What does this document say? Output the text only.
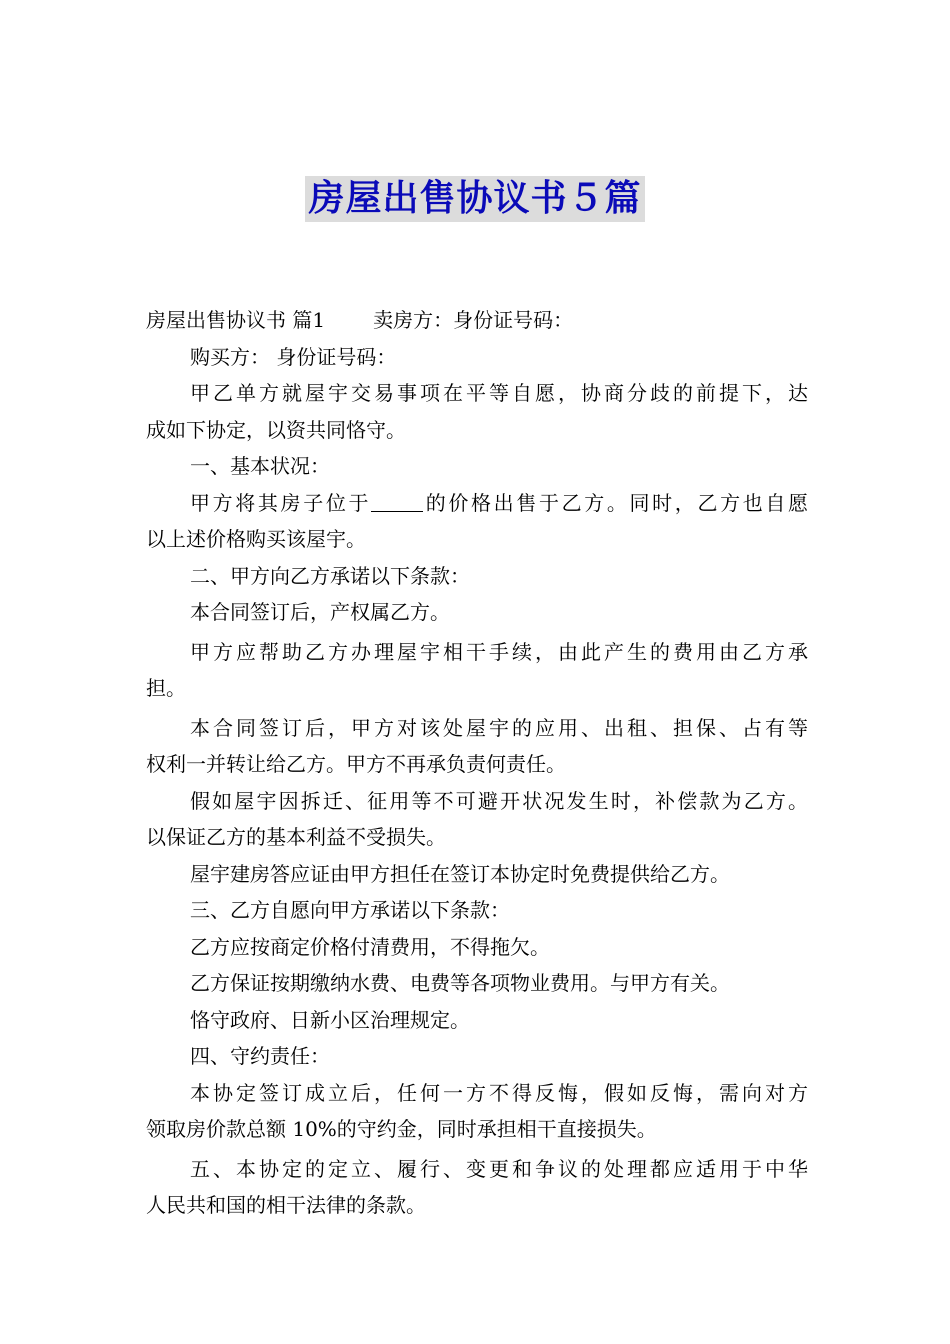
房屋出售协议书５篇
房屋出售协议书 篇1 卖房方：身份证号码：
购买方： 身份证号码：
甲乙单方就屋宇交易事项在平等自愿，协商分歧的前提下，达
成如下协定，以资共同恪守。
一、基本状况：
甲方将其房子位于	的价格出售于乙方。同时，乙方也自愿
以上述价格购买该屋宇。
二、甲方向乙方承诺以下条款：
本合同签订后，产权属乙方。
甲方应帮助乙方办理屋宇相干手续，由此产生的费用由乙方承
担。
本合同签订后，甲方对该处屋宇的应用、出租、担保、占有等
权利一并转让给乙方。甲方不再承负责何责任。
假如屋宇因拆迁、征用等不可避开状况发生时，补偿款为乙方。
以保证乙方的基本利益不受损失。
屋宇建房答应证由甲方担任在签订本协定时免费提供给乙方。
三、乙方自愿向甲方承诺以下条款：
乙方应按商定价格付清费用，不得拖欠。
乙方保证按期缴纳水费、电费等各项物业费用。与甲方有关。
恪守政府、日新小区治理规定。
四、守约责任：
本协定签订成立后，任何一方不得反悔，假如反悔，需向对方
领取房价款总额 10%的守约金，同时承担相干直接损失。
五、本协定的定立、履行、变更和争议的处理都应适用于中华
人民共和国的相干法律的条款。
